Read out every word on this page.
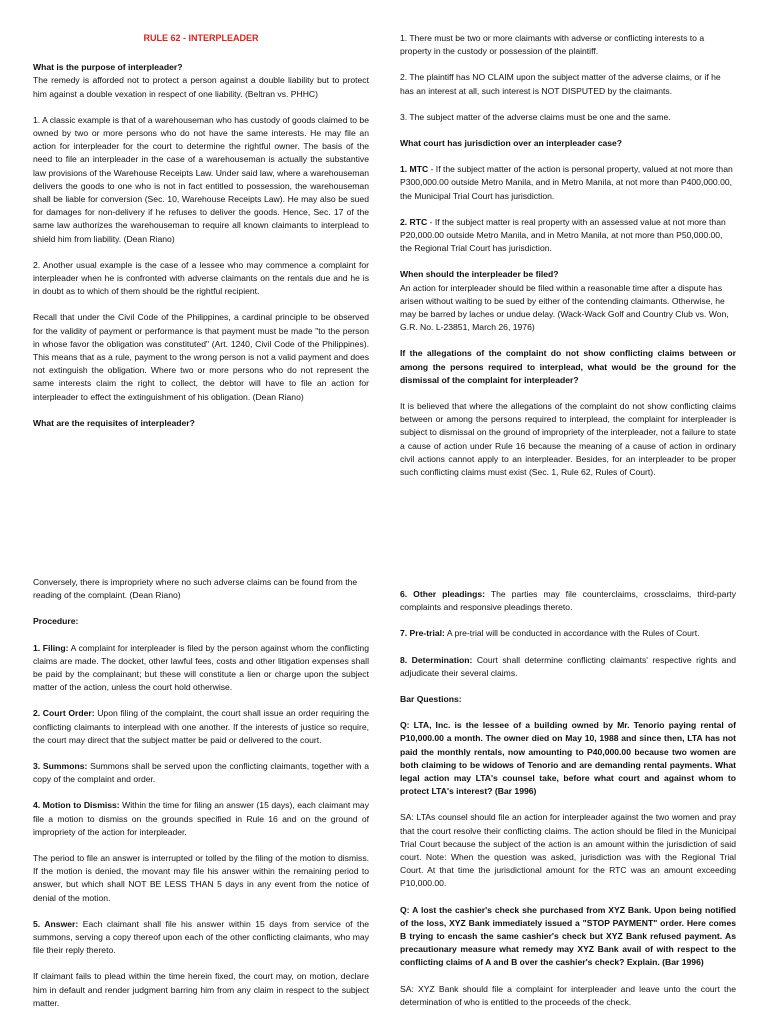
RULE 62 - INTERPLEADER

What is the purpose of interpleader?

The remedy is afforded not to protect a person against a double liability but to protect him against a double vexation in respect of one liability. (Beltran vs. PHHC)

1. A classic example is that of a warehouseman who has custody of goods claimed to be owned by two or more persons who do not have the same interests. He may file an action for interpleader for the court to determine the rightful owner. The basis of the need to file an interpleader in the case of a warehouseman is actually the substantive law provisions of the Warehouse Receipts Law. Under said law, where a warehouseman delivers the goods to one who is not in fact entitled to possession, the warehouseman shall be liable for conversion (Sec. 10, Warehouse Receipts Law). He may also be sued for damages for non-delivery if he refuses to deliver the goods. Hence, Sec. 17 of the same law authorizes the warehouseman to require all known claimants to interplead to shield him from liability. (Dean Riano)

2. Another usual example is the case of a lessee who may commence a complaint for interpleader when he is confronted with adverse claimants on the rentals due and he is in doubt as to which of them should be the rightful recipient.

Recall that under the Civil Code of the Philippines, a cardinal principle to be observed for the validity of payment or performance is that payment must be made "to the person in whose favor the obligation was constituted" (Art. 1240, Civil Code of the Philippines). This means that as a rule, payment to the wrong person is not a valid payment and does not extinguish the obligation. Where two or more persons who do not represent the same interests claim the right to collect, the debtor will have to file an action for interpleader to effect the extinguishment of his obligation. (Dean Riano)

What are the requisites of interpleader?

1. There must be two or more claimants with adverse or conflicting interests to a property in the custody or possession of the plaintiff.

2. The plaintiff has NO CLAIM upon the subject matter of the adverse claims, or if he has an interest at all, such interest is NOT DISPUTED by the claimants.

3. The subject matter of the adverse claims must be one and the same.

What court has jurisdiction over an interpleader case?

1. MTC - If the subject matter of the action is personal property, valued at not more than P300,000.00 outside Metro Manila, and in Metro Manila, at not more than P400,000.00, the Municipal Trial Court has jurisdiction.

2. RTC - If the subject matter is real property with an assessed value at not more than P20,000.00 outside Metro Manila, and in Metro Manila, at not more than P50,000.00, the Regional Trial Court has jurisdiction.

When should the interpleader be filed?

An action for interpleader should be filed within a reasonable time after a dispute has arisen without waiting to be sued by either of the contending claimants. Otherwise, he may be barred by laches or undue delay. (Wack-Wack Golf and Country Club vs. Won, G.R. No. L-23851, March 26, 1976)

If the allegations of the complaint do not show conflicting claims between or among the persons required to interplead, what would be the ground for the dismissal of the complaint for interpleader?

It is believed that where the allegations of the complaint do not show conflicting claims between or among the persons required to interplead, the complaint for interpleader is subject to dismissal on the ground of impropriety of the interpleader, not a failure to state a cause of action under Rule 16 because the meaning of a cause of action in ordinary civil actions cannot apply to an interpleader. Besides, for an interpleader to be proper such conflicting claims must exist (Sec. 1, Rule 62, Rules of Court).

Conversely, there is impropriety where no such adverse claims can be found from the reading of the complaint. (Dean Riano)

Procedure:

1. Filing: A complaint for interpleader is filed by the person against whom the conflicting claims are made. The docket, other lawful fees, costs and other litigation expenses shall be paid by the complainant; but these will constitute a lien or charge upon the subject matter of the action, unless the court hold otherwise.

2. Court Order: Upon filing of the complaint, the court shall issue an order requiring the conflicting claimants to interplead with one another. If the interests of justice so require, the court may direct that the subject matter be paid or delivered to the court.

3. Summons: Summons shall be served upon the conflicting claimants, together with a copy of the complaint and order.

4. Motion to Dismiss: Within the time for filing an answer (15 days), each claimant may file a motion to dismiss on the grounds specified in Rule 16 and on the ground of impropriety of the action for interpleader.

The period to file an answer is interrupted or tolled by the filing of the motion to dismiss. If the motion is denied, the movant may file his answer within the remaining period to answer, but which shall NOT BE LESS THAN 5 days in any event from the notice of denial of the motion.

5. Answer: Each claimant shall file his answer within 15 days from service of the summons, serving a copy thereof upon each of the other conflicting claimants, who may file their reply thereto.

If claimant fails to plead within the time herein fixed, the court may, on motion, declare him in default and render judgment barring him from any claim in respect to the subject matter.

6. Other pleadings: The parties may file counterclaims, crossclaims, third-party complaints and responsive pleadings thereto.

7. Pre-trial: A pre-trial will be conducted in accordance with the Rules of Court.

8. Determination: Court shall determine conflicting claimants' respective rights and adjudicate their several claims.

Bar Questions:

Q: LTA, Inc. is the lessee of a building owned by Mr. Tenorio paying rental of P10,000.00 a month. The owner died on May 10, 1988 and since then, LTA has not paid the monthly rentals, now amounting to P40,000.00 because two women are both claiming to be widows of Tenorio and are demanding rental payments. What legal action may LTA's counsel take, before what court and against whom to protect LTA's interest? (Bar 1996)

SA: LTAs counsel should file an action for interpleader against the two women and pray that the court resolve their conflicting claims. The action should be filed in the Municipal Trial Court because the subject of the action is an amount within the jurisdiction of said court. Note: When the question was asked, jurisdiction was with the Regional Trial Court. At that time the jurisdictional amount for the RTC was an amount exceeding P10,000.00.

Q: A lost the cashier's check she purchased from XYZ Bank. Upon being notified of the loss, XYZ Bank immediately issued a "STOP PAYMENT" order. Here comes B trying to encash the same cashier's check but XYZ Bank refused payment. As precautionary measure what remedy may XYZ Bank avail of with respect to the conflicting claims of A and B over the cashier's check? Explain. (Bar 1996)

SA: XYZ Bank should file a complaint for interpleader and leave unto the court the determination of who is entitled to the proceeds of the check.
